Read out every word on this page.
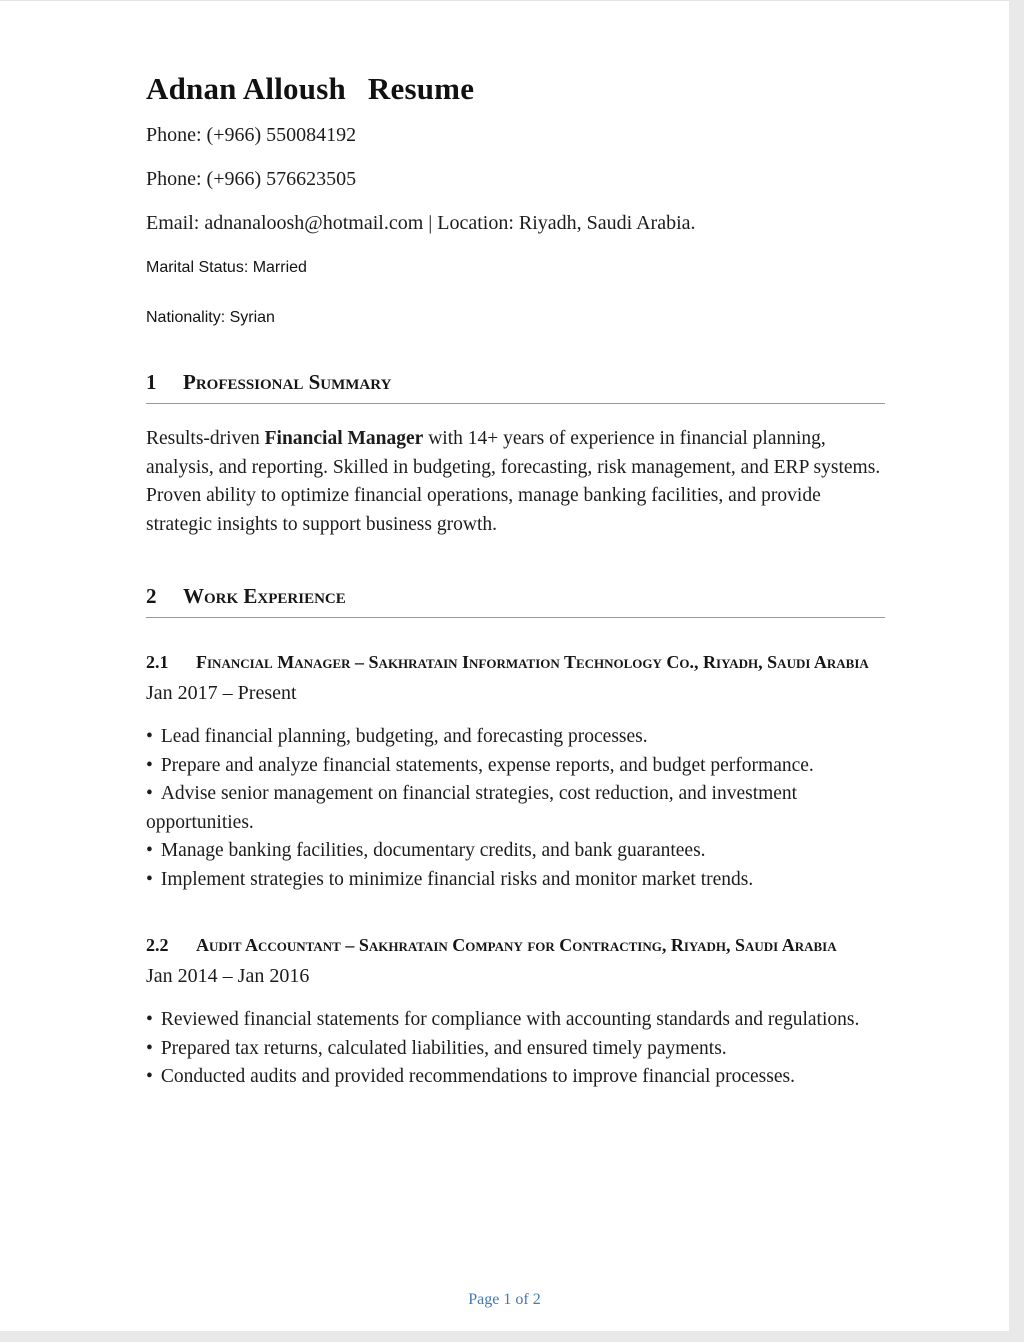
Adnan Alloush Resume
Phone: (+966) 550084192
Phone: (+966) 576623505
Email: adnanaloosh@hotmail.com | Location: Riyadh, Saudi Arabia.
Marital Status: Married
Nationality: Syrian
1	Professional Summary

Results-driven Financial Manager with 14+ years of experience in financial planning, analysis, and reporting. Skilled in budgeting, forecasting, risk management, and ERP systems. Proven ability to optimize financial operations, manage banking facilities, and provide strategic insights to support business growth.

2	Work Experience
2.1	Financial Manager – Sakhratain Information Technology Co., Riyadh, Saudi Arabia
Jan 2017 – Present
• Lead financial planning, budgeting, and forecasting processes.
• Prepare and analyze financial statements, expense reports, and budget performance.
• Advise senior management on financial strategies, cost reduction, and investment opportunities.
• Manage banking facilities, documentary credits, and bank guarantees.
• Implement strategies to minimize financial risks and monitor market trends.
2.2	Audit Accountant – Sakhratain Company for Contracting, Riyadh, Saudi Arabia
Jan 2014 – Jan 2016
• Reviewed financial statements for compliance with accounting standards and regulations.
• Prepared tax returns, calculated liabilities, and ensured timely payments.
• Conducted audits and provided recommendations to improve financial processes.
Page 1 of 2
